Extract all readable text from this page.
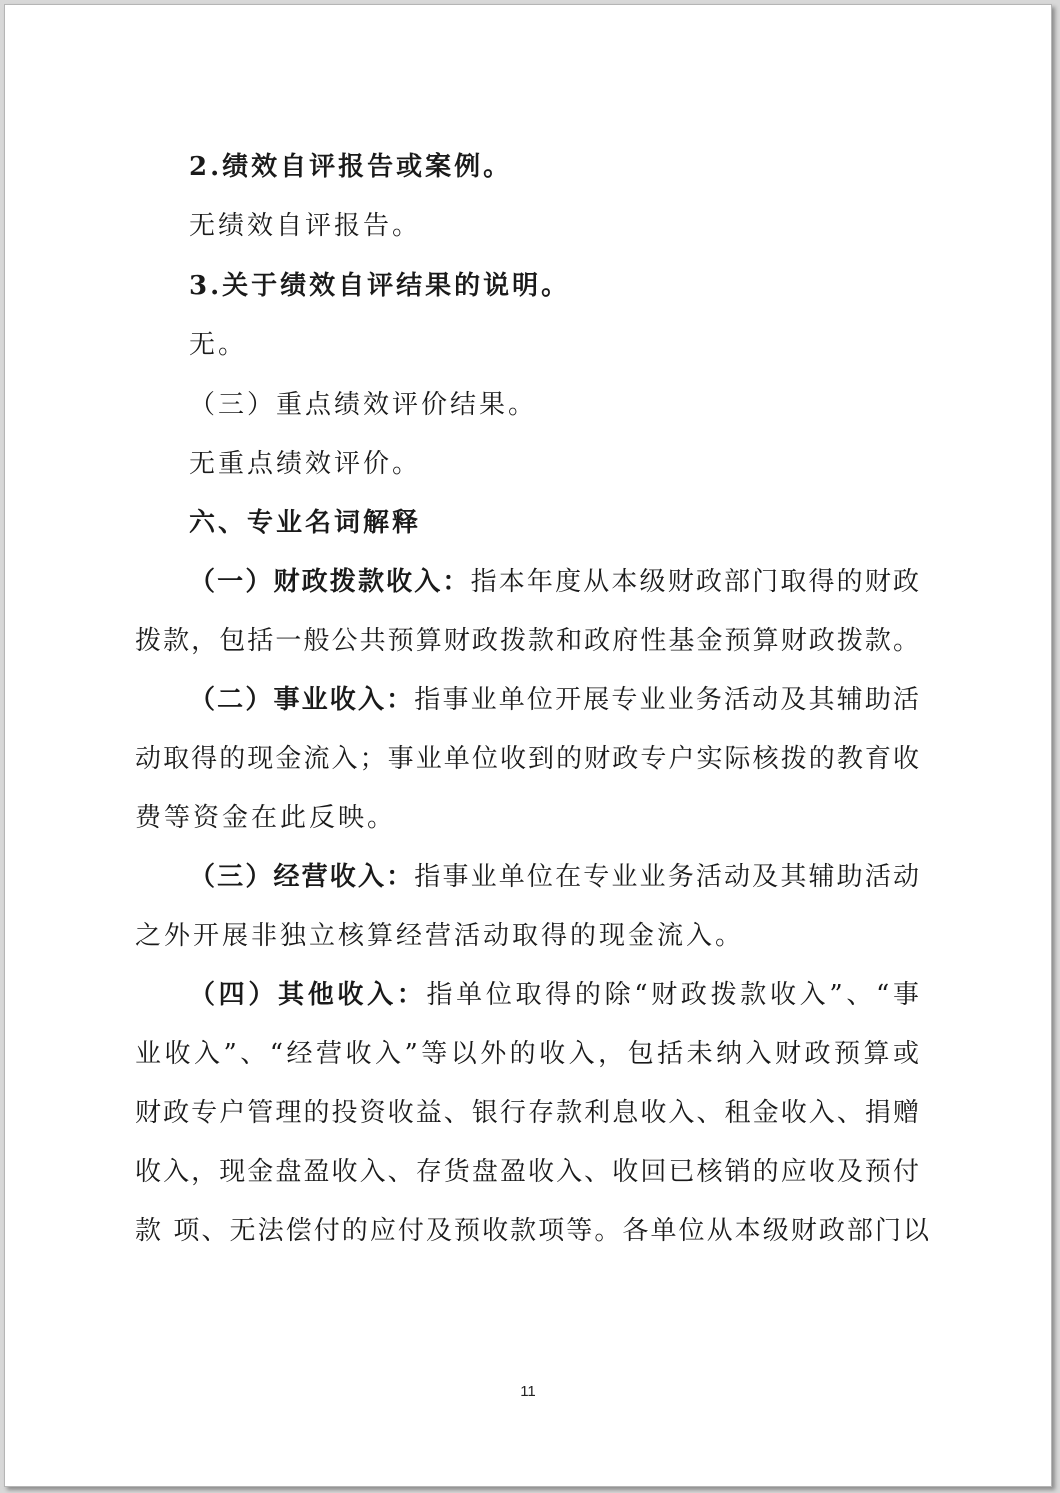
2.绩效自评报告或案例。
无绩效自评报告。
3.关于绩效自评结果的说明。
无。
（三）重点绩效评价结果。
无重点绩效评价。
六、专业名词解释
（一）财政拨款收入：指本年度从本级财政部门取得的财政
拨款，包括一般公共预算财政拨款和政府性基金预算财政拨款。
（二）事业收入：指事业单位开展专业业务活动及其辅助活
动取得的现金流入；事业单位收到的财政专户实际核拨的教育收
费等资金在此反映。
（三）经营收入：指事业单位在专业业务活动及其辅助活动
之外开展非独立核算经营活动取得的现金流入。
（四）其他收入：指单位取得的除“财政拨款收入”、“事
业收入”、“经营收入”等以外的收入，包括未纳入财政预算或
财政专户管理的投资收益、银行存款利息收入、租金收入、捐赠
收入，现金盘盈收入、存货盘盈收入、收回已核销的应收及预付
款 项、无法偿付的应付及预收款项等。各单位从本级财政部门以
11
